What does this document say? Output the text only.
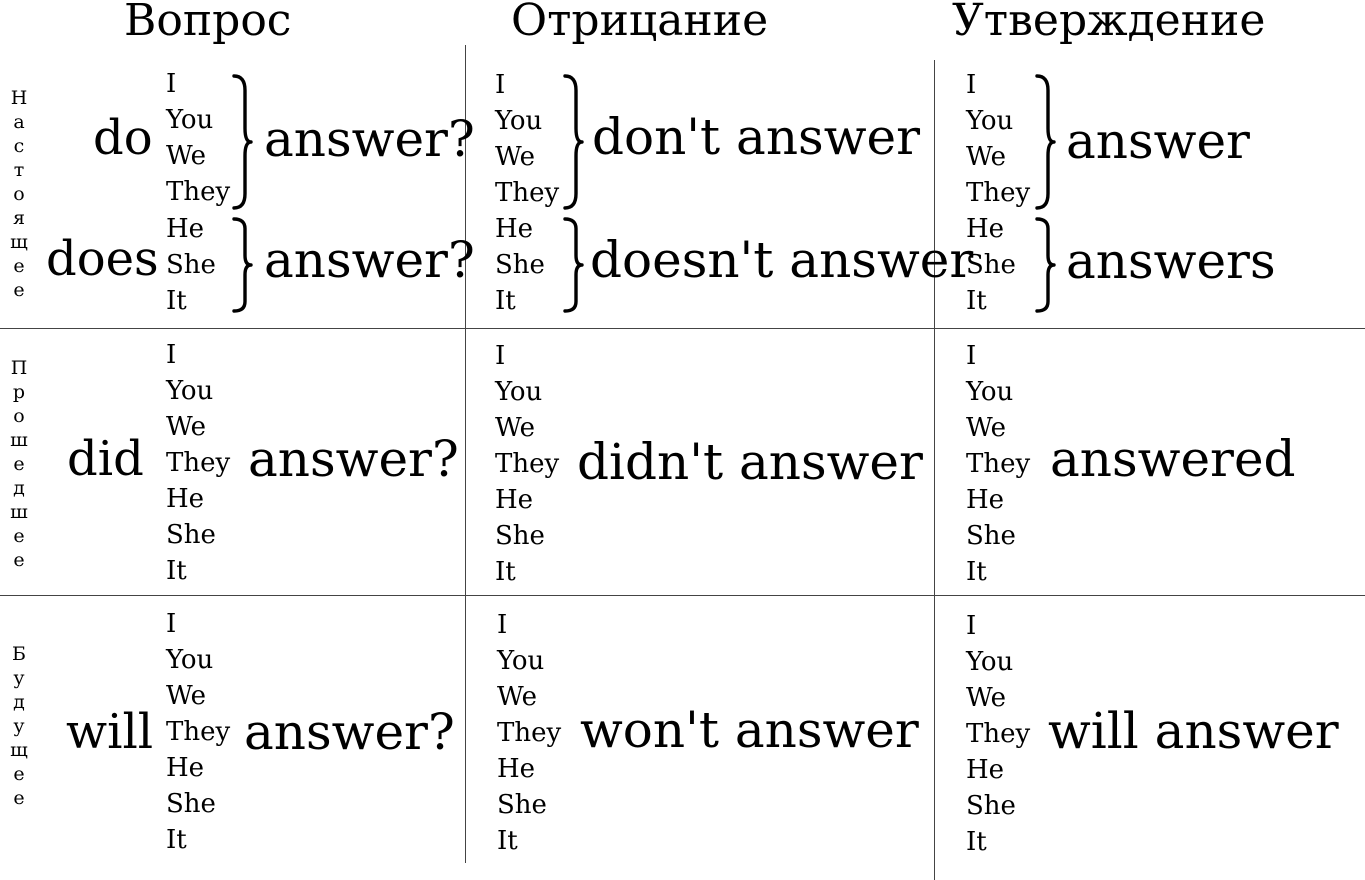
Вопрос	Отрицание	Утверждение
Н
а
с
т
о
я
щ
е
е
П
р
о
ш
е
д
ш
е
е
Б
у
д
у
щ
е
е
do
I
You
We
They
answer?
does
He
She
It
answer?
I
You
We
They
don't answer
He
She
It
doesn't answer
I
You
We
They
answer
He
She
It
answers
did
I
You
We
They
He
She
It
answer?
I
You
We
They
He
She
It
didn't answer
I
You
We
They
He
She
It
answered
will
I
You
We
They
He
She
It
answer?
I
You
We
They
He
She
It
won't answer
I
You
We
They
He
She
It
will answer
